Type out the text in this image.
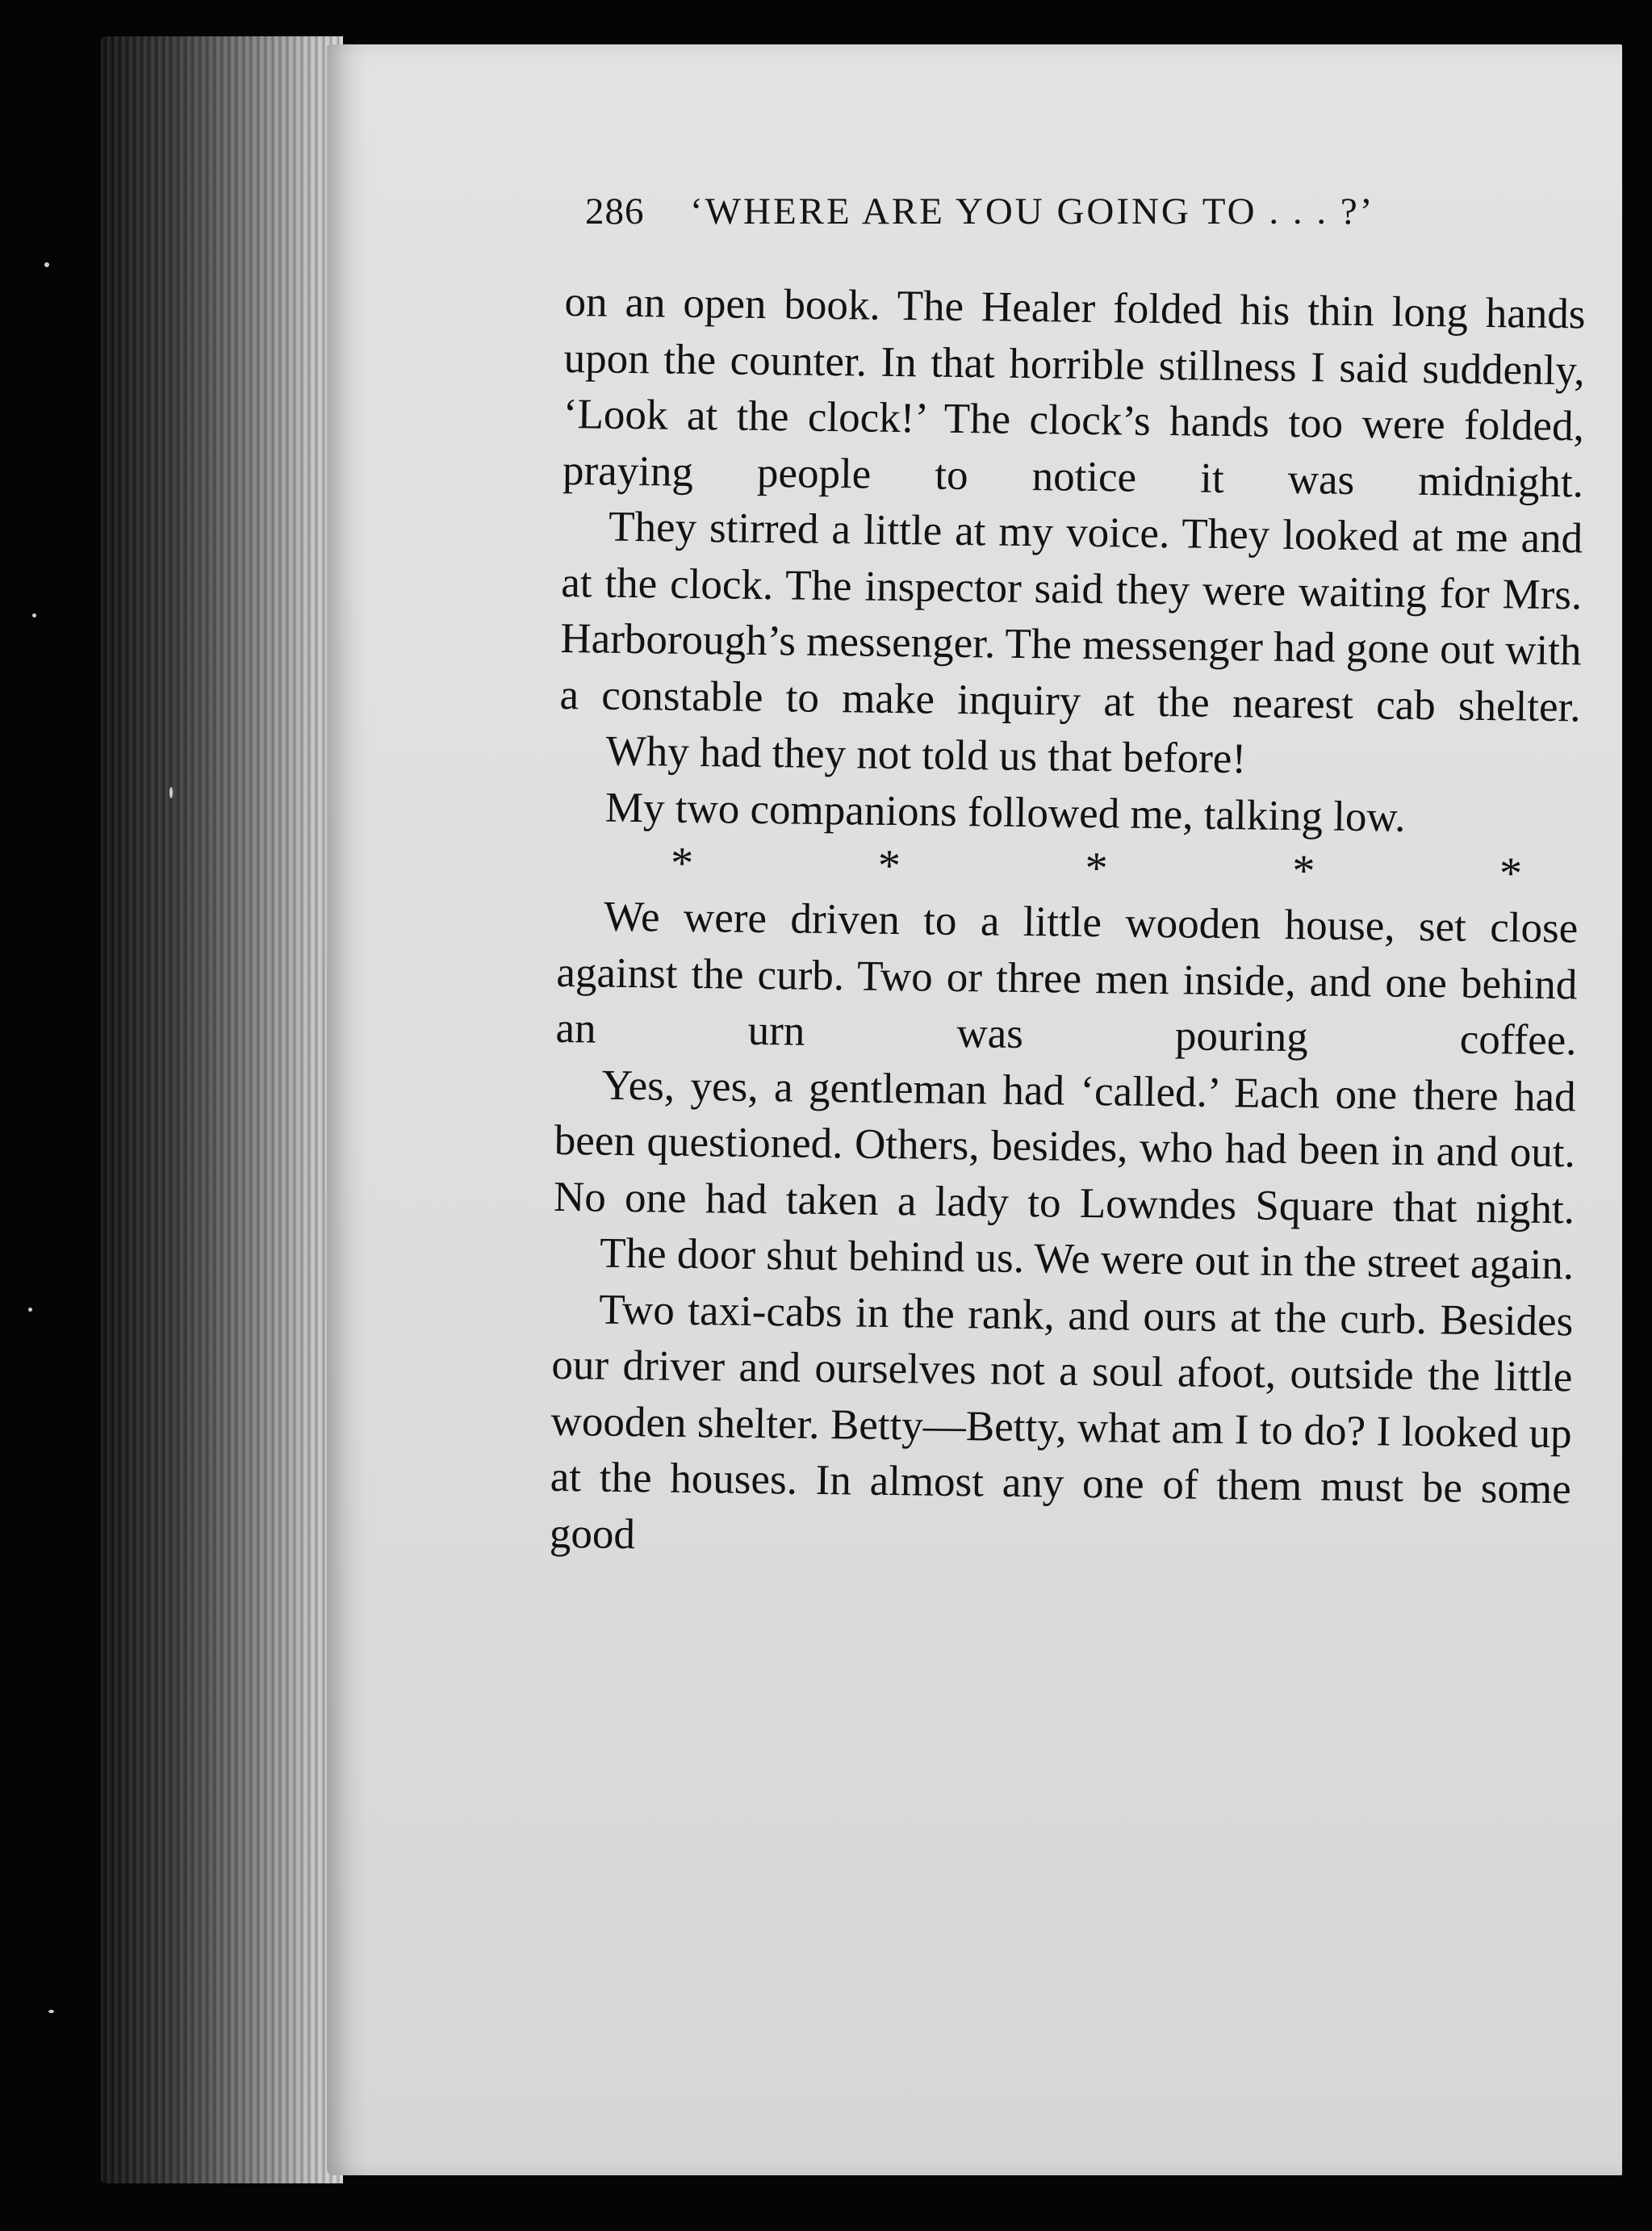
286 ‘WHERE ARE YOU GOING TO . . . ?’

on an open book. The Healer folded his thin long hands upon the counter. In that horrible stillness I said suddenly, ‘Look at the clock!’ The clock’s hands too were folded, praying people to notice it was midnight.

They stirred a little at my voice. They looked at me and at the clock. The inspector said they were waiting for Mrs. Harborough’s messenger. The messenger had gone out with a constable to make inquiry at the nearest cab shelter.

Why had they not told us that before!

My two companions followed me, talking low.

*	*	*	*	*

We were driven to a little wooden house, set close against the curb. Two or three men inside, and one behind an urn was pouring coffee.

Yes, yes, a gentleman had ‘called.’ Each one there had been questioned. Others, besides, who had been in and out. No one had taken a lady to Lowndes Square that night.

The door shut behind us. We were out in the street again.

Two taxi-cabs in the rank, and ours at the curb. Besides our driver and ourselves not a soul afoot, outside the little wooden shelter. Betty—Betty, what am I to do? I looked up at the houses. In almost any one of them must be some good
